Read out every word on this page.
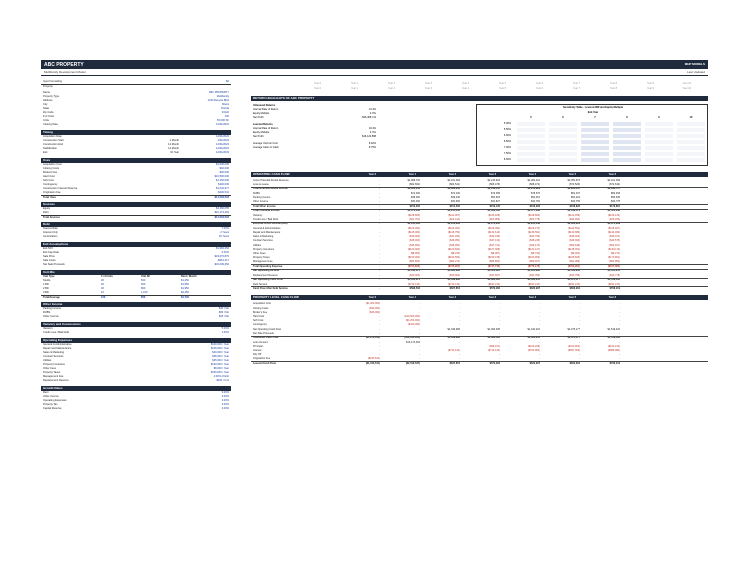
ABC PROPERTY	MHP MODELS
Multifamily Development Model	Last Updated
Input Formatting	$0
Property
Name	ABC PROPERTY
Property Type	Multifamily
Address	1234 Remote Blvd
City	Miami
State	Florida
Zip Code	33122
# of Units	100
Units	65,000 SF
Closing Date	12/31/2022
Timing
Acquisition Date	12/31/2022
Construction Start	1 Month	1/31/2023
Construction End	12 Month	12/31/2023
Stabilization	12 Month	12/31/2024
Exit	10 Year	12/31/2033
Uses
Acquisition Cost	$1,000,000
Closing Costs	$40,000
Brokers Fee	$30,000
Hard Cost	$10,500,000
Soft Cost	$1,250,000
Contingency	$440,000
Construction Interest Reserve	$1,032,977
Origination Fee	$240,541
Total Uses	$14,533,518
Sources
Equity	$4,360,055
Debt	$10,173,463
Total Sources	$14,533,518
Debt
Interest Rate	7.00%
Interest Only	2 Years
Amortization	30 Years
Exit Assumptions
Exit NOI	$1,984,252
Exit Cap Rate	6.00%
Sale Price	$33,070,870
Sale Costs	-$661,417
Net Sale Proceeds	$32,409,452
Unit Mix
Unit Type	# of Units	Unit SF	Rent / Month
Studio	20	500	$1,250
1 BD	40	600	$1,550
2 BD	30	800	$1,950
3 BD	10	1,100	$2,450
Total/Average	100	650	$1,740
Other Income
Parking Income	$40 / Mo
RUBS	$60 / Mo
Other Income	$25 / Mo
Vacancy and Concessions
Vacancy	5.00%
Credit Loss / Bad Debt	1.00%
Operating Expenses
General & Administrative	$100,000 / Year
Repair and Maintenance	$125,000 / Year
Sales & Marketing	$40,000 / Year
Contract Services	$35,000 / Year
Utilities	$45,000 / Year
Property Insurance	$120,000 / Year
Other Fees	$8,000 / Year
Property Taxes	$150,000 / Year
Management Fee	4.00% of EGI
Replacement Reserve	$300 / Unit
Growth Rates
Rent	3.00%
Other Income	3.00%
Operating Expenses	3.00%
Property Tax	3.00%
Capital Reserve	3.00%
Year 0	Year 1	Year 2	Year 3	Year 4	Year 5	Year 6	Year 7	Year 8	Year 9	Year 10
Year 0	Year 1	Year 2	Year 3	Year 4	Year 5	Year 6	Year 7	Year 8	Year 9	Year 10
RETURN HIGHLIGHTS OF ABC PROPERTY
Unlevered Returns
Internal Rate of Return	13.4%
Equity Multiple	2.76x
Net Profit	$25,465,711
Levered Returns
Internal Rate of Return	19.4%
Equity Multiple	4.70x
Net Profit	$16,124,588
Average Yield on Cost	8.40%
Average Cash on Cash	8.75%
Sensitivity Table - Levered IRR and Equity Multiple
Exit Year
5	6	7	8	9	10
5.00%
5.50%
6.00%
6.50%
7.00%
7.50%
8.00%
OPERATING CASH FLOW	Year 0	Year 1	Year 2	Year 3	Year 4	Year 5	Year 6
Gross Potential Rental Revenue	-	$2,088,720	$2,151,382	$2,215,923	$2,282,401	$2,350,873	$2,421,399
Loss-to-Lease	-	($62,662)	($64,541)	($66,478)	($68,472)	($70,526)	($72,642)
Total Effective Rental Income	-	$2,026,058	$2,086,840	$2,149,445	$2,213,929	$2,280,347	$2,348,757
RUBS	-	$72,000	$74,160	$76,385	$78,676	$81,037	$83,468
Parking Income	-	$48,000	$49,440	$50,923	$52,451	$54,024	$55,645
Other Income	-	$30,000	$30,900	$31,827	$32,782	$33,765	$34,778
Total Other Income	-	$150,000	$154,500	$159,135	$163,909	$168,826	$173,891
Total Potential Income	-	$2,176,058	$2,241,340	$2,308,580	$2,377,838	$2,449,173	$2,522,648
Vacancy	-	($108,803)	($112,067)	($115,429)	($118,892)	($122,459)	($126,132)
Credit Loss / Bad Debt	-	($21,761)	($22,413)	($23,086)	($23,778)	($24,492)	($25,226)
Effective Gross Income (EGI)	-	$2,045,494	$2,106,860	$2,170,065	$2,235,168	$2,302,223	$2,371,289
General & Administrative	-	($100,000)	($103,000)	($106,090)	($109,273)	($112,551)	($115,927)
Repair and Maintenance	-	($125,000)	($128,750)	($132,613)	($136,591)	($140,689)	($144,909)
Sales & Marketing	-	($40,000)	($41,200)	($42,436)	($43,709)	($45,020)	($46,371)
Contract Services	-	($35,000)	($36,050)	($37,132)	($38,245)	($39,393)	($40,575)
Utilities	-	($45,000)	($46,350)	($47,741)	($49,173)	($50,648)	($52,167)
Property Insurance	-	($120,000)	($123,600)	($127,308)	($131,127)	($135,061)	($139,113)
Other Fees	-	($8,000)	($8,240)	($8,487)	($8,742)	($9,004)	($9,274)
Property Taxes	-	($150,000)	($154,500)	($159,135)	($163,909)	($168,826)	($173,891)
Management Fee	-	($81,820)	($84,274)	($86,803)	($89,407)	($92,089)	($94,852)
Total Operating Expense	-	($704,820)	($725,964)	($747,743)	($770,176)	($793,281)	($817,080)
Net Operating Income	-	$1,340,674	$1,380,896	$1,422,322	$1,464,992	$1,508,942	$1,554,210
Replacement Reserve	-	($30,000)	($30,900)	($31,827)	($32,782)	($33,765)	($34,778)
Net Operating Cash Flow	-	$1,310,674	$1,349,996	$1,390,495	$1,432,210	$1,475,177	$1,519,432
Debt Service	-	($712,142)	($712,142)	($811,213)	($811,213)	($811,213)	($811,213)
Cash Flow After Debt Service	-	$598,532	$637,854	$579,282	$620,997	$663,964	$708,219
PROPERTY LEVEL CASH FLOW	Year 0	Year 1	Year 2	Year 3	Year 4	Year 5	Year 6
Acquisition Cost	($1,000,000)	-	-	-	-	-	-
Closing Costs	($40,000)	-	-	-	-	-	-
Broker's Fee	($30,000)	-	-	-	-	-	-
Hard Cost	-	($10,500,000)	-	-	-	-	-
Soft Cost	-	($1,250,000)	-	-	-	-	-
Contingency	-	($440,000)	-	-	-	-	-
Net Operating Cash Flow	-	-	$1,349,996	$1,390,495	$1,432,210	$1,475,177	$1,519,432
Net Sale Proceeds	-	-	-	-	-	-	-
Unlevered Cash Flow	($1,070,000)	($12,190,000)	$1,349,996	$1,390,495	$1,432,210	$1,475,177	$1,519,432
Loan Amount	-	$10,173,463	-	-	-	-	-
Principal	-	-	-	($99,071)	($106,229)	($113,904)	($122,133)
Interest	-	-	($712,142)	($712,142)	($704,984)	($697,309)	($689,080)
Pay Off	-	-	-	-	-	-	-
Origination Fee	($240,541)	-	-	-	-	-	-
Levered Cash Flow	($1,310,541)	($2,016,537)	$637,854	$579,282	$620,997	$663,964	$708,219
